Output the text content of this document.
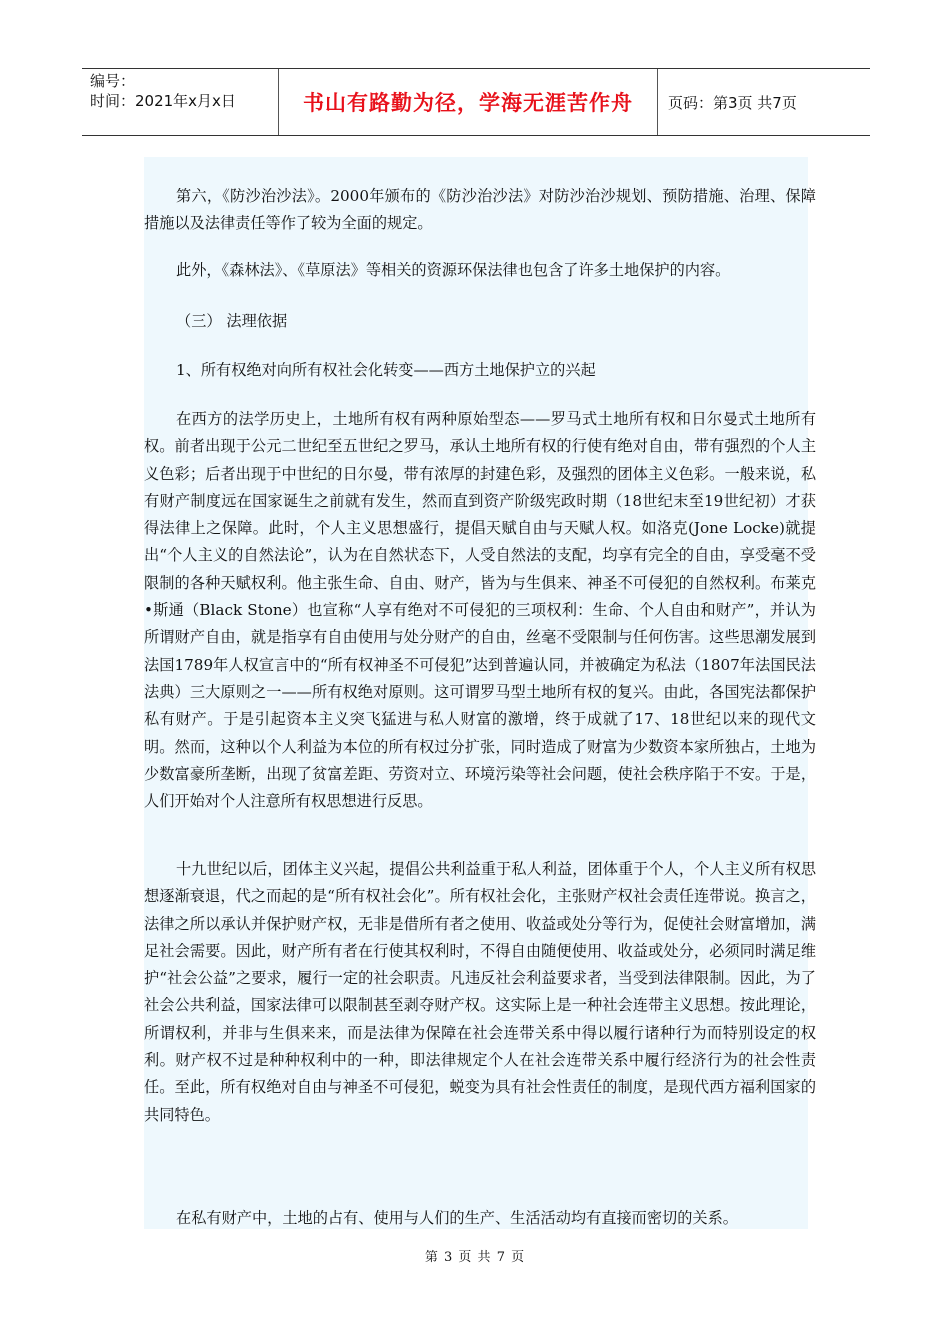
编号：
时间：2021年x月x日	书山有路勤为径，学海无涯苦作舟 页码：第3页 共7页

第六，《防沙治沙法》。2000年颁布的《防沙治沙法》对防沙治沙规划、预防措施、治理、保障措施以及法律责任等作了较为全面的规定。

此外，《森林法》、《草原法》等相关的资源环保法律也包含了许多土地保护的内容。

（三） 法理依据

1、所有权绝对向所有权社会化转变——西方土地保护立的兴起

在西方的法学历史上，土地所有权有两种原始型态——罗马式土地所有权和日尔曼式土地所有权。前者出现于公元二世纪至五世纪之罗马，承认土地所有权的行使有绝对自由，带有强烈的个人主义色彩；后者出现于中世纪的日尔曼，带有浓厚的封建色彩，及强烈的团体主义色彩。一般来说，私有财产制度远在国家诞生之前就有发生，然而直到资产阶级宪政时期（18世纪末至19世纪初）才获得法律上之保障。此时，个人主义思想盛行，提倡天赋自由与天赋人权。如洛克(Jone Locke)就提出“个人主义的自然法论”，认为在自然状态下，人受自然法的支配，均享有完全的自由，享受毫不受限制的各种天赋权利。他主张生命、自由、财产，皆为与生俱来、神圣不可侵犯的自然权利。布莱克•斯通（Black Stone）也宣称“人享有绝对不可侵犯的三项权利：生命、个人自由和财产”，并认为所谓财产自由，就是指享有自由使用与处分财产的自由，丝毫不受限制与任何伤害。这些思潮发展到法国1789年人权宣言中的“所有权神圣不可侵犯”达到普遍认同，并被确定为私法（1807年法国民法法典）三大原则之一——所有权绝对原则。这可谓罗马型土地所有权的复兴。由此，各国宪法都保护私有财产。于是引起资本主义突飞猛进与私人财富的激增，终于成就了17、18世纪以来的现代文明。然而，这种以个人利益为本位的所有权过分扩张，同时造成了财富为少数资本家所独占，土地为少数富豪所垄断，出现了贫富差距、劳资对立、环境污染等社会问题，使社会秩序陷于不安。于是，人们开始对个人注意所有权思想进行反思。

十九世纪以后，团体主义兴起，提倡公共利益重于私人利益，团体重于个人，个人主义所有权思想逐渐衰退，代之而起的是“所有权社会化”。所有权社会化，主张财产权社会责任连带说。换言之，法律之所以承认并保护财产权，无非是借所有者之使用、收益或处分等行为，促使社会财富增加，满足社会需要。因此，财产所有者在行使其权利时，不得自由随便使用、收益或处分，必须同时满足维护“社会公益”之要求，履行一定的社会职责。凡违反社会利益要求者，当受到法律限制。因此，为了社会公共利益，国家法律可以限制甚至剥夺财产权。这实际上是一种社会连带主义思想。按此理论，所谓权利，并非与生俱来来，而是法律为保障在社会连带关系中得以履行诸种行为而特别设定的权利。财产权不过是种种权利中的一种，即法律规定个人在社会连带关系中履行经济行为的社会性责任。至此，所有权绝对自由与神圣不可侵犯，蜕变为具有社会性责任的制度，是现代西方福利国家的共同特色。

在私有财产中，土地的占有、使用与人们的生产、生活活动均有直接而密切的关系。

第 3 页 共 7 页
